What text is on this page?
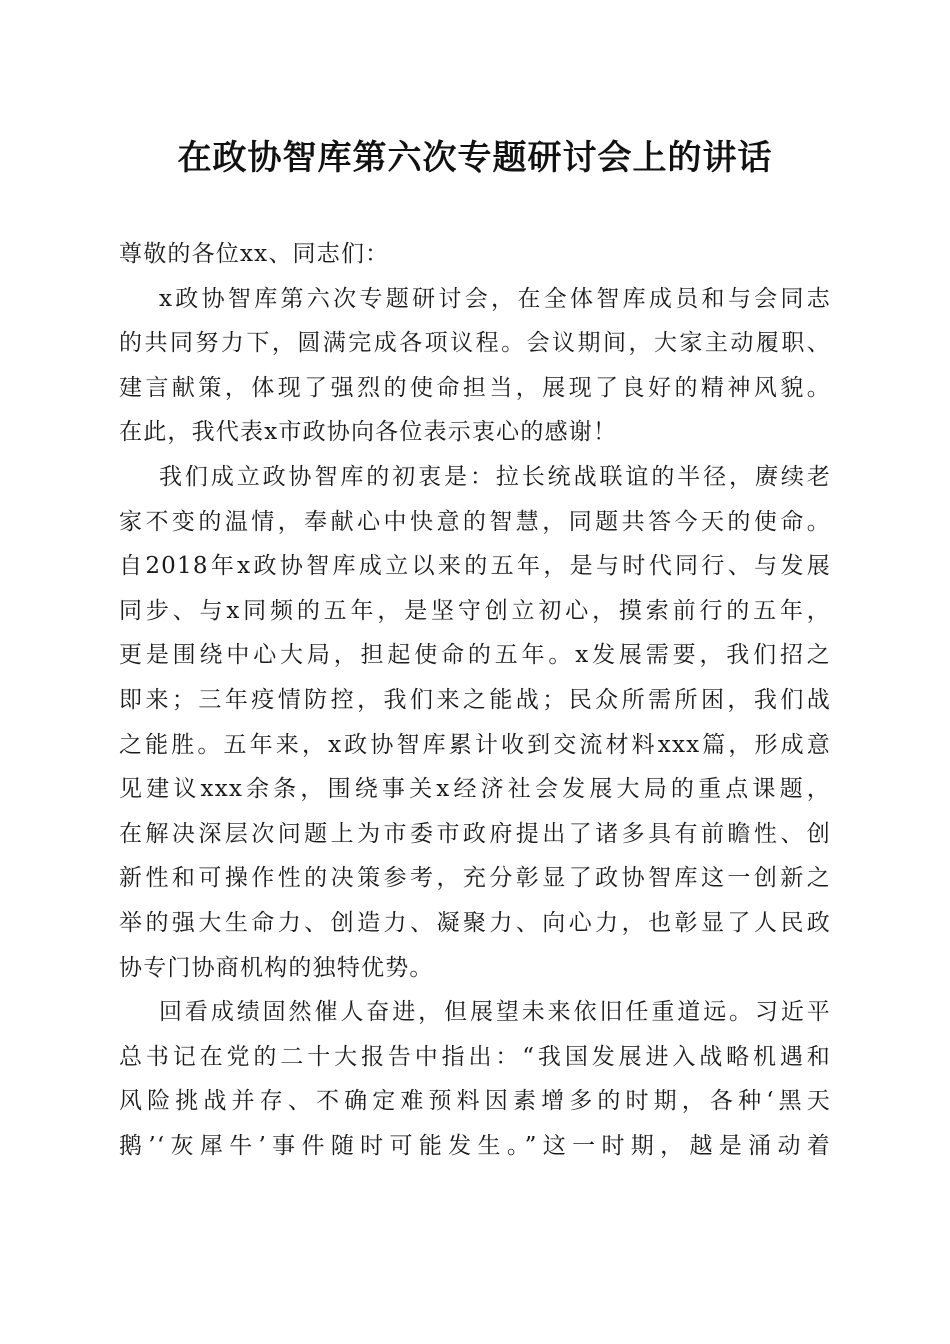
在政协智库第六次专题研讨会上的讲话
尊敬的各位xx、同志们：
x政协智库第六次专题研讨会，在全体智库成员和与会同志
的共同努力下，圆满完成各项议程。会议期间，大家主动履职、
建言献策，体现了强烈的使命担当，展现了良好的精神风貌。
在此，我代表x市政协向各位表示衷心的感谢！
我们成立政协智库的初衷是：拉长统战联谊的半径，赓续老
家不变的温情，奉献心中快意的智慧，同题共答今天的使命。
自2018年x政协智库成立以来的五年，是与时代同行、与发展
同步、与x同频的五年，是坚守创立初心，摸索前行的五年，
更是围绕中心大局，担起使命的五年。x发展需要，我们招之
即来；三年疫情防控，我们来之能战；民众所需所困，我们战
之能胜。五年来，x政协智库累计收到交流材料xxx篇，形成意
见建议xxx余条，围绕事关x经济社会发展大局的重点课题，
在解决深层次问题上为市委市政府提出了诸多具有前瞻性、创
新性和可操作性的决策参考，充分彰显了政协智库这一创新之
举的强大生命力、创造力、凝聚力、向心力，也彰显了人民政
协专门协商机构的独特优势。
回看成绩固然催人奋进，但展望未来依旧任重道远。习近平
总书记在党的二十大报告中指出：“我国发展进入战略机遇和
风险挑战并存、不确定难预料因素增多的时期，各种‘黑天
鹅’‘灰犀牛’事件随时可能发生。”这一时期，越是涌动着
